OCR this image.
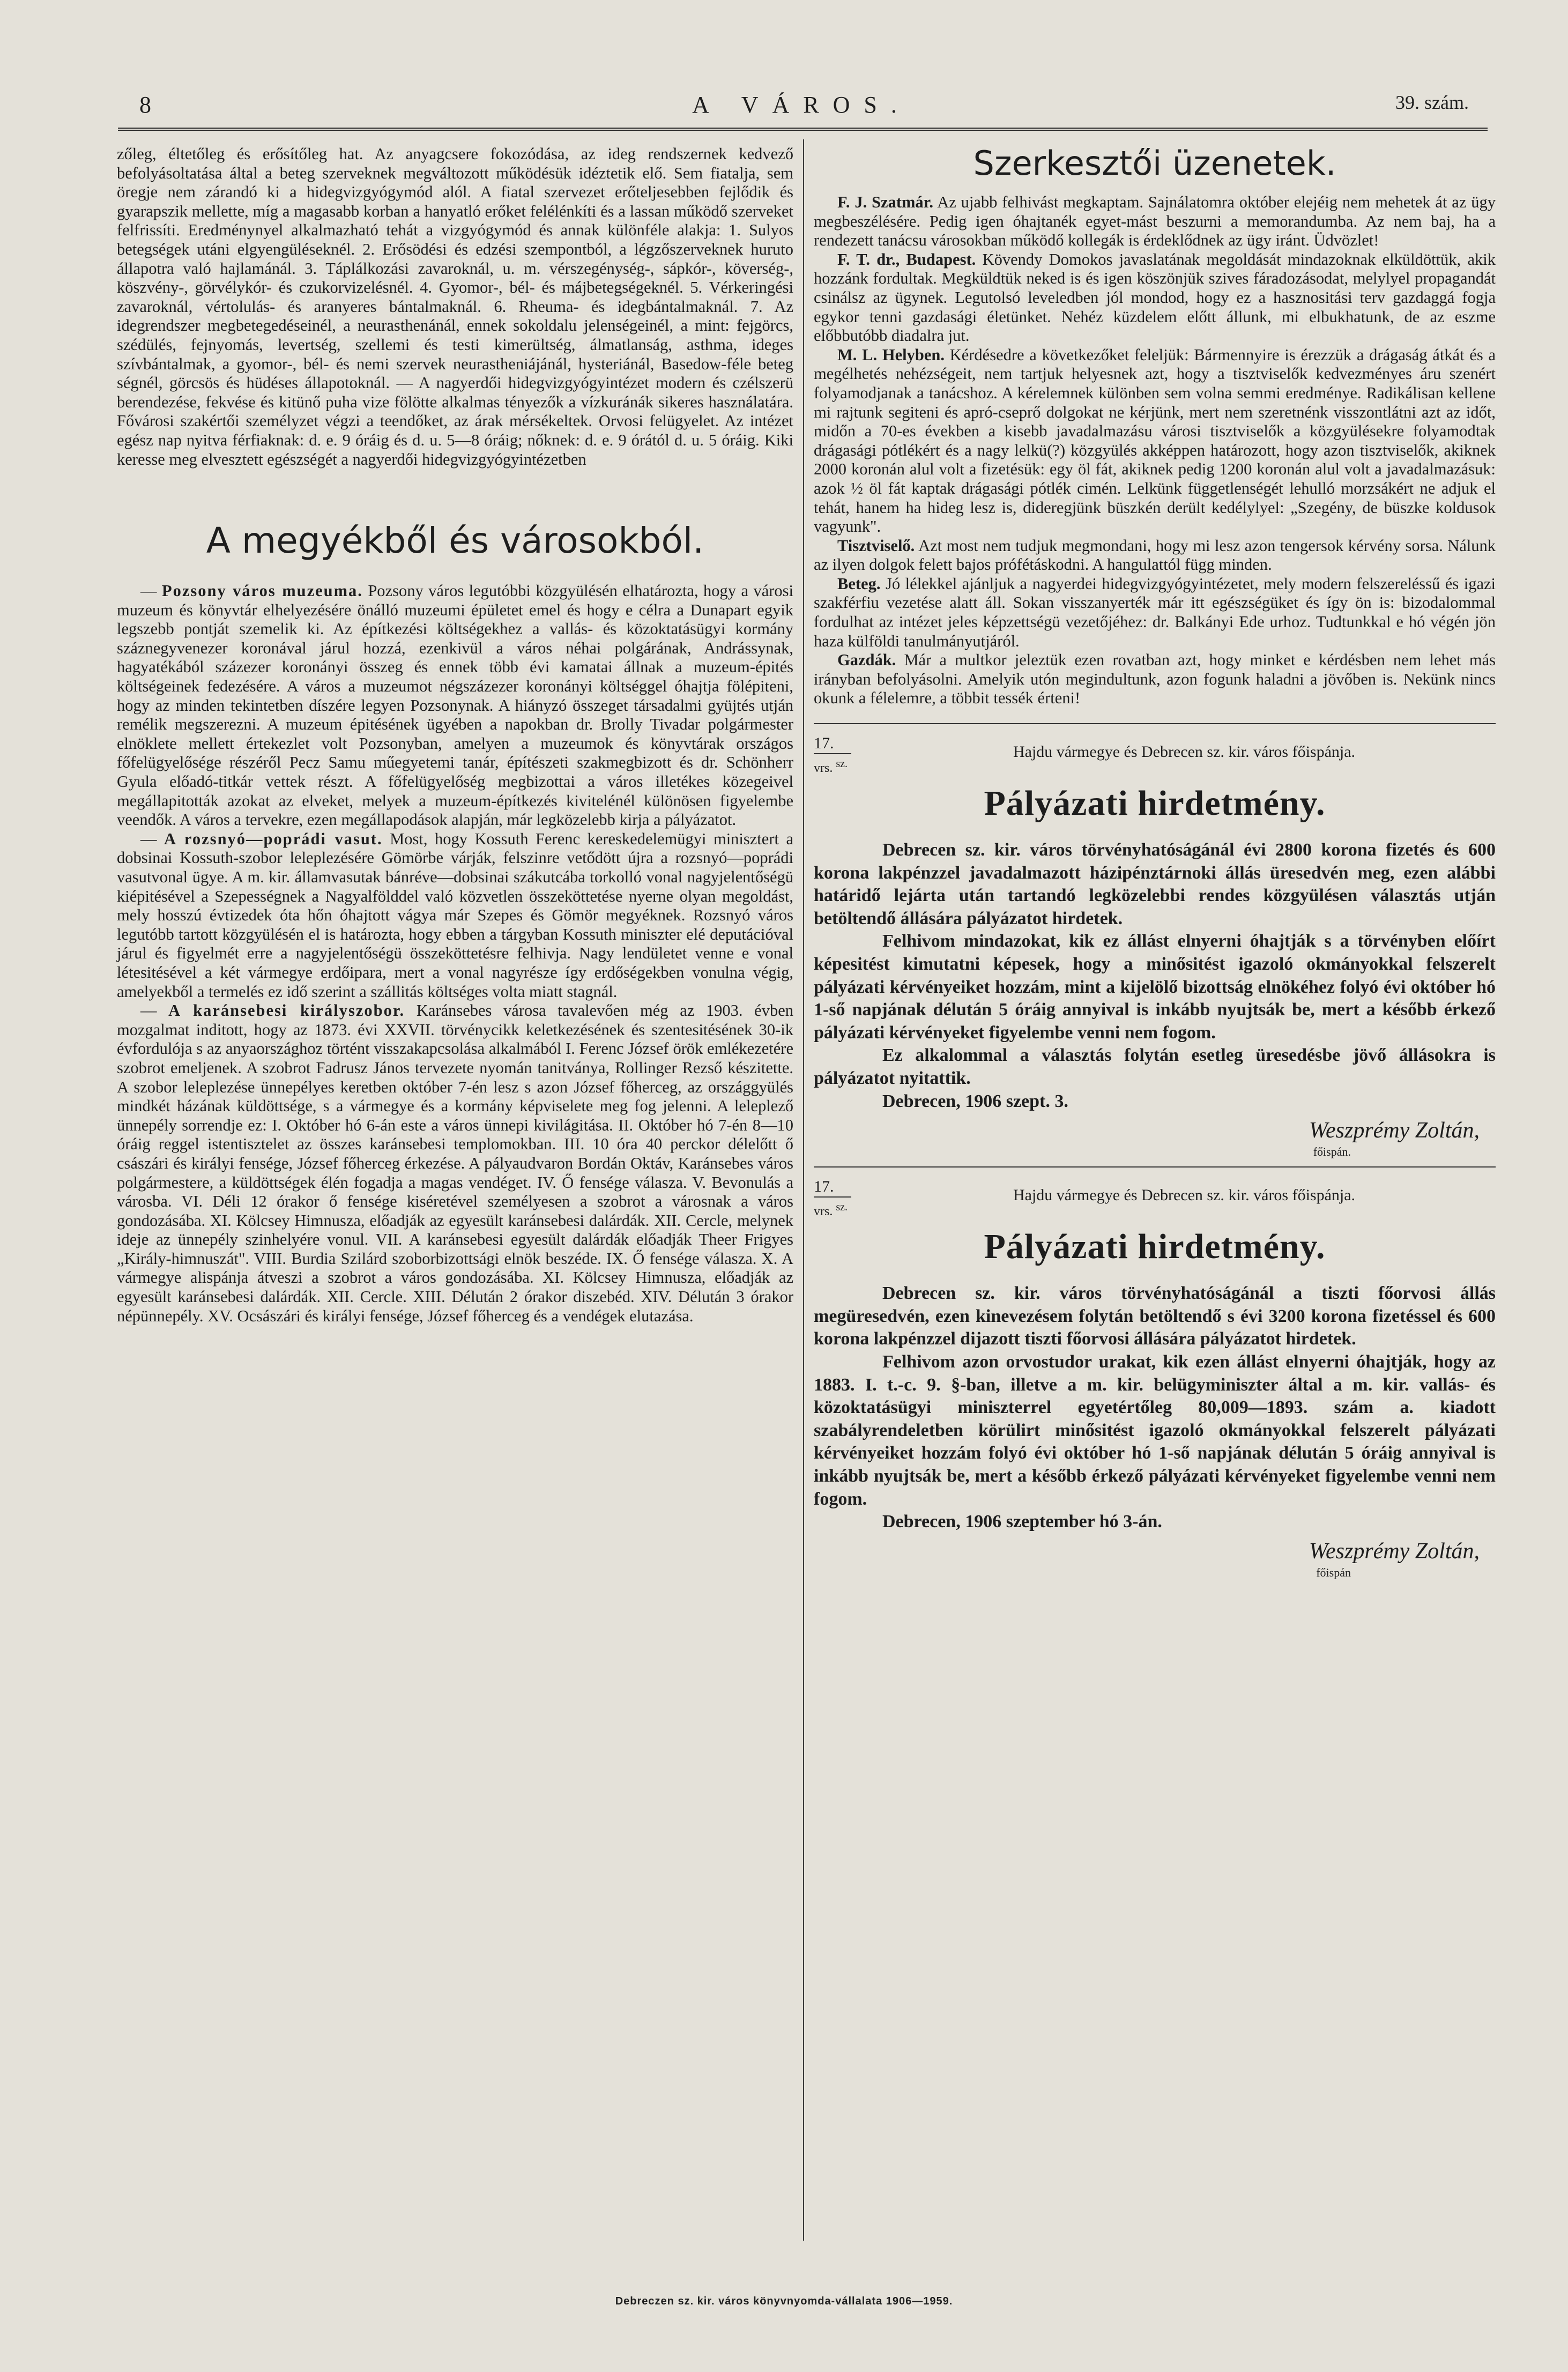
8	A VÁROS.	39. szám.

zőleg, éltetőleg és erősítőleg hat. Az anyagcsere fokozódása, az ideg rendszernek kedvező befolyásoltatása által a beteg szerveknek megváltozott működésük idéztetik elő. Sem fiatalja, sem öregje nem zárandó ki a hidegvizgyógymód alól. A fiatal szervezet erőteljesebben fejlődik és gyarapszik mellette, míg a magasabb korban a hanyatló erőket felélénkíti és a lassan működő szerveket felfrissíti. Eredménynyel alkalmazható tehát a vizgyógymód és annak különféle alakja: 1. Sulyos betegségek utáni elgyengüléseknél. 2. Erősödési és edzési szempontból, a légzőszerveknek huruto állapotra való hajlamánál. 3. Táplálkozási zavaroknál, u. m. vérszegénység-, sápkór-, köverség-, köszvény-, görvélykór- és czukorvizelésnél. 4. Gyomor-, bél- és májbetegségeknél. 5. Vérkeringési zavaroknál, vértolulás- és aranyeres bántalmaknál. 6. Rheuma- és idegbántalmaknál. 7. Az idegrendszer megbetegedéseinél, a neurasthenánál, ennek sokoldalu jelenségeinél, a mint: fejgörcs, szédülés, fejnyomás, levertség, szellemi és testi kimerültség, álmatlanság, asthma, ideges szívbántalmak, a gyomor-, bél- és nemi szervek neurastheniájánál, hysteriánál, Basedow-féle beteg ségnél, görcsös és hüdéses állapotoknál. — A nagyerdői hidegvizgyógyintézet modern és czélszerü berendezése, fekvése és kitünő puha vize fölötte alkalmas tényezők a vízkuránák sikeres használatára. Fővárosi szakértői személyzet végzi a teendőket, az árak mérsékeltek. Orvosi felügyelet. Az intézet egész nap nyitva férfiaknak: d. e. 9 óráig és d. u. 5—8 óráig; nőknek: d. e. 9 órától d. u. 5 óráig. Kiki keresse meg elvesztett egészségét a nagyerdői hidegvizgyógyintézetben

A megyékből és városokból.

— Pozsony város muzeuma. Pozsony város legutóbbi közgyülésén elhatározta, hogy a városi muzeum és könyvtár elhelyezésére önálló muzeumi épületet emel és hogy e célra a Dunapart egyik legszebb pontját szemelik ki. Az építkezési költségekhez a vallás- és közoktatásügyi kormány száznegyvenezer koronával járul hozzá, ezenkivül a város néhai polgárának, Andrássynak, hagyatékából százezer koronányi összeg és ennek több évi kamatai állnak a muzeum-épités költségeinek fedezésére. A város a muzeumot négszázezer koronányi költséggel óhajtja fölépiteni, hogy az minden tekintetben díszére legyen Pozsonynak. A hiányzó összeget társadalmi gyüjtés utján remélik megszerezni. A muzeum épitésének ügyében a napokban dr. Brolly Tivadar polgármester elnöklete mellett értekezlet volt Pozsonyban, amelyen a muzeumok és könyvtárak országos főfelügyelősége részéről Pecz Samu műegyetemi tanár, építészeti szakmegbizott és dr. Schönherr Gyula előadó-titkár vettek részt. A főfelügyelőség megbizottai a város illetékes közegeivel megállapitották azokat az elveket, melyek a muzeum-építkezés kivitelénél különösen figyelembe veendők. A város a tervekre, ezen megállapodások alapján, már legközelebb kirja a pályázatot.

— A rozsnyó—poprádi vasut. Most, hogy Kossuth Ferenc kereskedelemügyi minisztert a dobsinai Kossuth-szobor leleplezésére Gömörbe várják, felszinre vetődött újra a rozsnyó—poprádi vasutvonal ügye. A m. kir. államvasutak bánréve—dobsinai szákutcába torkolló vonal nagyjelentőségü kiépitésével a Szepességnek a Nagyalfölddel való közvetlen összeköttetése nyerne olyan megoldást, mely hosszú évtizedek óta hőn óhajtott vágya már Szepes és Gömör megyéknek. Rozsnyó város legutóbb tartott közgyülésén el is határozta, hogy ebben a tárgyban Kossuth miniszter elé deputációval járul és figyelmét erre a nagyjelentőségü összeköttetésre felhivja. Nagy lendületet venne e vonal létesitésével a két vármegye erdőipara, mert a vonal nagyrésze így erdőségekben vonulna végig, amelyekből a termelés ez idő szerint a szállitás költséges volta miatt stagnál.

— A karánsebesi királyszobor. Karánsebes városa tavalevően még az 1903. évben mozgalmat inditott, hogy az 1873. évi XXVII. törvénycikk keletkezésének és szentesitésének 30-ik évfordulója s az anyaországhoz történt visszakapcsolása alkalmából I. Ferenc József örök emlékezetére szobrot emeljenek. A szobrot Fadrusz János tervezete nyomán tanitványa, Rollinger Rezső készitette. A szobor leleplezése ünnepélyes keretben október 7-én lesz s azon József főherceg, az országgyülés mindkét házának küldöttsége, s a vármegye és a kormány képviselete meg fog jelenni. A leleplező ünnepély sorrendje ez: I. Október hó 6-án este a város ünnepi kivilágitása. II. Október hó 7-én 8—10 óráig reggel istentisztelet az összes karánsebesi templomokban. III. 10 óra 40 perckor délelőtt ő császári és királyi fensége, József főherceg érkezése. A pályaudvaron Bordán Oktáv, Karánsebes város polgármestere, a küldöttségek élén fogadja a magas vendéget. IV. Ő fensége válasza. V. Bevonulás a városba. VI. Déli 12 órakor ő fensége kiséretével személyesen a szobrot a városnak a város gondozásába. XI. Kölcsey Himnusza, előadják az egyesült karánsebesi dalárdák. XII. Cercle, melynek ideje az ünnepély szinhelyére vonul. VII. A karánsebesi egyesült dalárdák előadják Theer Frigyes „Király-himnuszát". VIII. Burdia Szilárd szoborbizottsági elnök beszéde. IX. Ő fensége válasza. X. A vármegye alispánja átveszi a szobrot a város gondozásába. XI. Kölcsey Himnusza, előadják az egyesült karánsebesi dalárdák. XII. Cercle. XIII. Délután 2 órakor diszebéd. XIV. Délután 3 órakor népünnepély. XV. Ocsászári és királyi fensége, József főherceg és a vendégek elutazása.

Szerkesztői üzenetek.

F. J. Szatmár. Az ujabb felhivást megkaptam. Sajnálatomra október elejéig nem mehetek át az ügy megbeszélésére. Pedig igen óhajtanék egyet-mást beszurni a memorandumba. Az nem baj, ha a rendezett tanácsu városokban működő kollegák is érdeklődnek az ügy iránt. Üdvözlet!

F. T. dr., Budapest. Kövendy Domokos javaslatának megoldását mindazoknak elküldöttük, akik hozzánk fordultak. Megküldtük neked is és igen köszönjük szives fáradozásodat, melylyel propagandát csinálsz az ügynek. Legutolsó leveledben jól mondod, hogy ez a hasznositási terv gazdaggá fogja egykor tenni gazdasági életünket. Nehéz küzdelem előtt állunk, mi elbukhatunk, de az eszme előbbutóbb diadalra jut.

M. L. Helyben. Kérdésedre a következőket feleljük: Bármennyire is érezzük a drágaság átkát és a megélhetés nehézségeit, nem tartjuk helyesnek azt, hogy a tisztviselők kedvezményes áru szenért folyamodjanak a tanácshoz. A kérelemnek különben sem volna semmi eredménye. Radikálisan kellene mi rajtunk segiteni és apró-cseprő dolgokat ne kérjünk, mert nem szeretnénk visszontlátni azt az időt, midőn a 70-es években a kisebb javadalmazásu városi tisztviselők a közgyülésekre folyamodtak drágasági pótlékért és a nagy lelkü(?) közgyülés akképpen határozott, hogy azon tisztviselők, akiknek 2000 koronán alul volt a fizetésük: egy öl fát, akiknek pedig 1200 koronán alul volt a javadalmazásuk: azok ½ öl fát kaptak drágasági pótlék cimén. Lelkünk függetlenségét lehulló morzsákért ne adjuk el tehát, hanem ha hideg lesz is, dideregjünk büszkén derült kedélylyel: „Szegény, de büszke koldusok vagyunk".

Tisztviselő. Azt most nem tudjuk megmondani, hogy mi lesz azon tengersok kérvény sorsa. Nálunk az ilyen dolgok felett bajos prófétáskodni. A hangulattól függ minden.

Beteg. Jó lélekkel ajánljuk a nagyerdei hidegvizgyógyintézetet, mely modern felszereléssű és igazi szakférfiu vezetése alatt áll. Sokan visszanyerték már itt egészségüket és így ön is: bizodalommal fordulhat az intézet jeles képzettségü vezetőjéhez: dr. Balkányi Ede urhoz. Tudtunkkal e hó végén jön haza külföldi tanulmányutjáról.

Gazdák. Már a multkor jeleztük ezen rovatban azt, hogy minket e kérdésben nem lehet más irányban befolyásolni. Amelyik utón megindultunk, azon fogunk haladni a jövőben is. Nekünk nincs okunk a félelemre, a többit tessék érteni!

17.
vrs. $^{sz.}$
Hajdu vármegye és Debrecen sz. kir. város főispánja.
Pályázati hirdetmény.

Debrecen sz. kir. város törvényhatóságánál évi 2800 korona fizetés és 600 korona lakpénzzel javadalmazott házipénztárnoki állás üresedvén meg, ezen alábbi határidő lejárta után tartandó legközelebbi rendes közgyülésen választás utján betöltendő állására pályázatot hirdetek.

Felhivom mindazokat, kik ez állást elnyerni óhajtják s a törvényben előírt képesitést kimutatni képesek, hogy a minősitést igazoló okmányokkal felszerelt pályázati kérvényeiket hozzám, mint a kijelölő bizottság elnökéhez folyó évi október hó 1-ső napjának délután 5 óráig annyival is inkább nyujtsák be, mert a később érkező pályázati kérvényeket figyelembe venni nem fogom.

Ez alkalommal a választás folytán esetleg üresedésbe jövő állásokra is pályázatot nyitattik.

Debrecen, 1906 szept. 3.

Weszprémy Zoltán,
főispán.
17.
vrs. $^{sz.}$
Hajdu vármegye és Debrecen sz. kir. város főispánja.
Pályázati hirdetmény.

Debrecen sz. kir. város törvényhatóságánál a tiszti főorvosi állás megüresedvén, ezen kinevezésem folytán betöltendő s évi 3200 korona fizetéssel és 600 korona lakpénzzel dijazott tiszti főorvosi állására pályázatot hirdetek.

Felhivom azon orvostudor urakat, kik ezen állást elnyerni óhajtják, hogy az 1883. I. t.-c. 9. §-ban, illetve a m. kir. belügyminiszter által a m. kir. vallás- és közoktatásügyi miniszterrel egyetértőleg 80,009—1893. szám a. kiadott szabályrendeletben körülirt minősitést igazoló okmányokkal felszerelt pályázati kérvényeiket hozzám folyó évi október hó 1-ső napjának délután 5 óráig annyival is inkább nyujtsák be, mert a később érkező pályázati kérvényeket figyelembe venni nem fogom.

Debrecen, 1906 szeptember hó 3-án.

Weszprémy Zoltán,
főispán
Debreczen sz. kir. város könyvnyomda-vállalata 1906—1959.
